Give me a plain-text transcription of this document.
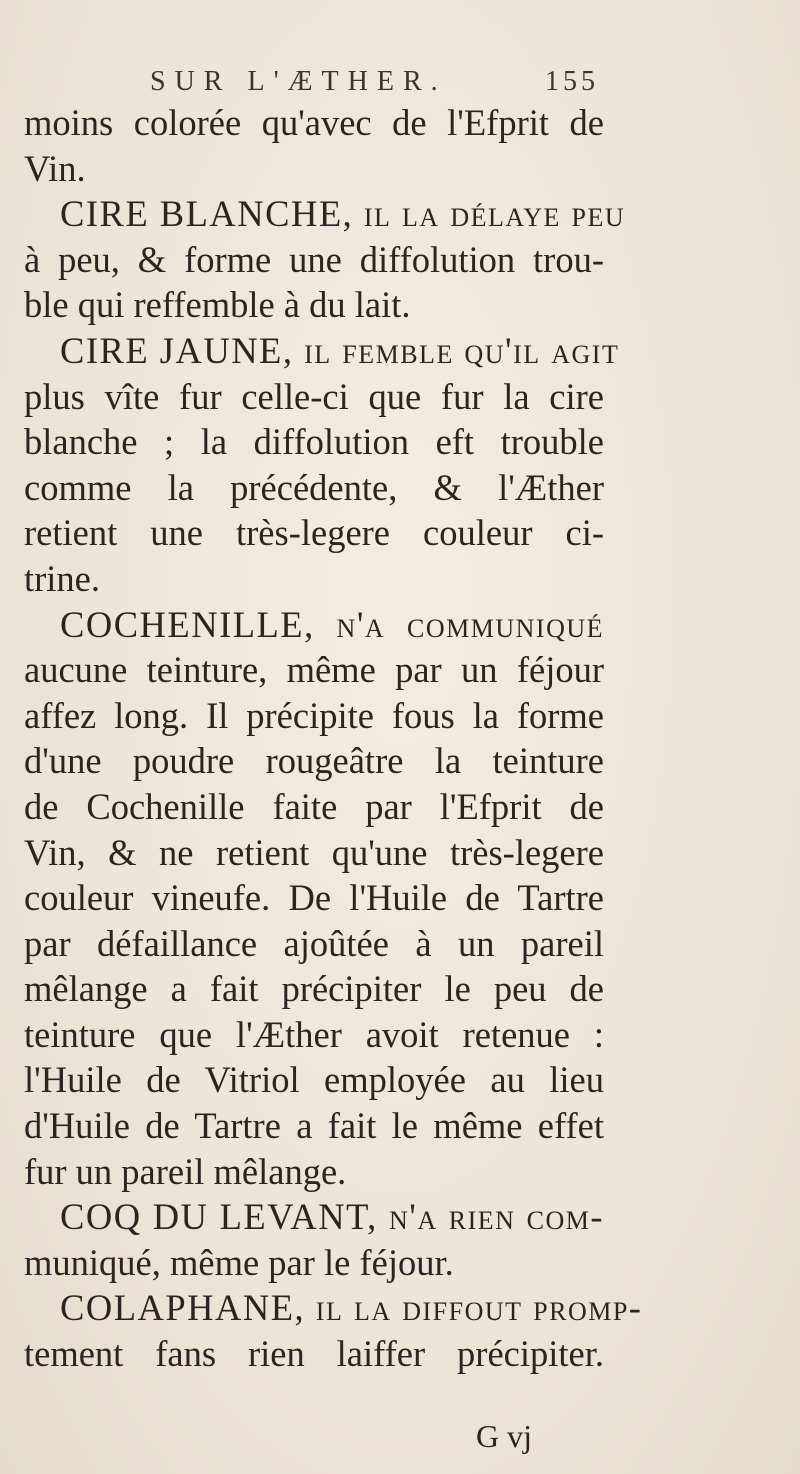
SUR L'ÆTHER.	155
moins colorée qu'avec de l'Efprit de
Vin.
CIRE BLANCHE, il la délaye peu
à peu, & forme une diffolution trou-
ble qui reffemble à du lait.
CIRE JAUNE, il femble qu'il agit
plus vîte fur celle-ci que fur la cire
blanche ; la diffolution eft trouble
comme la précédente, & l'Æther
retient une très-legere couleur ci-
trine.
COCHENILLE, n'a communiqué
aucune teinture, même par un féjour
affez long. Il précipite fous la forme
d'une poudre rougeâtre la teinture
de Cochenille faite par l'Efprit de
Vin, & ne retient qu'une très-legere
couleur vineufe. De l'Huile de Tartre
par défaillance ajoûtée à un pareil
mêlange a fait précipiter le peu de
teinture que l'Æther avoit retenue :
l'Huile de Vitriol employée au lieu
d'Huile de Tartre a fait le même effet
fur un pareil mêlange.
COQ DU LEVANT, n'a rien com-
muniqué, même par le féjour.
COLAPHANE, il la diffout promp-
tement fans rien laiffer précipiter.
G vj
